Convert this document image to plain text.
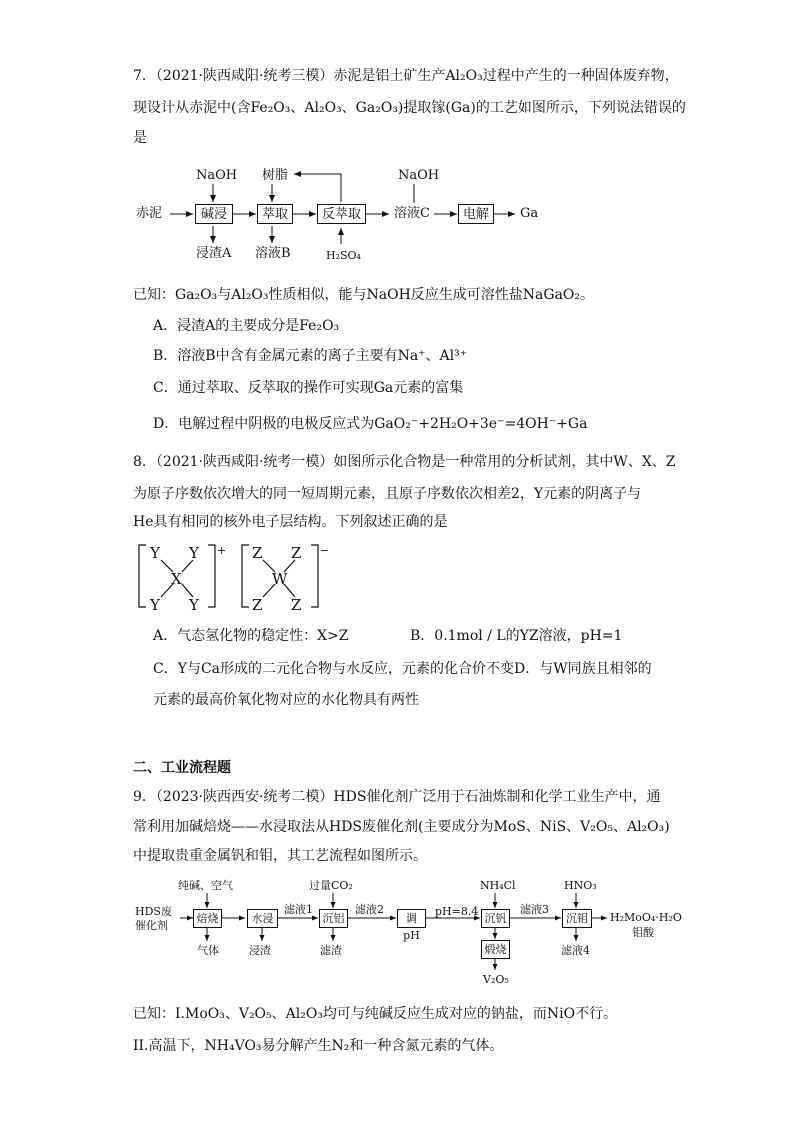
7．（2021·陕西咸阳·统考三模）赤泥是铝土矿生产Al₂O₃过程中产生的一种固体废弃物，
现设计从赤泥中(含Fe₂O₃、Al₂O₃、Ga₂O₃)提取镓(Ga)的工艺如图所示，下列说法错误的
是
赤泥
NaOH
碱浸
浸渣A
树脂
萃取
溶液B
反萃取
H₂SO₄
NaOH
溶液C	电解	Ga
已知：Ga₂O₃与Al₂O₃性质相似，能与NaOH反应生成可溶性盐NaGaO₂。
A．浸渣A的主要成分是Fe₂O₃
B．溶液B中含有金属元素的离子主要有Na⁺、Al³⁺
C．通过萃取、反萃取的操作可实现Ga元素的富集
D．电解过程中阴极的电极反应式为GaO₂⁻+2H₂O+3e⁻=4OH⁻+Ga
8．（2021·陕西咸阳·统考一模）如图所示化合物是一种常用的分析试剂，其中W、X、Z
为原子序数依次增大的同一短周期元素，且原子序数依次相差2，Y元素的阴离子与
He具有相同的核外电子层结构。下列叙述正确的是
Y Y
X
Y Y
+ Z Z
W
Z Z
−
A．气态氢化物的稳定性：X>Z	B．0.1mol / L的YZ溶液，pH=1
C．Y与Ca形成的二元化合物与水反应，元素的化合价不变D．与W同族且相邻的
元素的最高价氧化物对应的水化物具有两性
二、工业流程题
9．（2023·陕西西安·统考二模）HDS催化剂广泛用于石油炼制和化学工业生产中，通
常利用加碱焙烧——水浸取法从HDS废催化剂(主要成分为MoS、NiS、V₂O₅、Al₂O₃)
中提取贵重金属钒和钼，其工艺流程如图所示。
HDS废
催化剂
纯碱、空气
焙烧
气体
水浸
浸渣
滤液1
过量CO₂
沉铝
滤渣
滤液2
调pH
pH=8.4
NH₄Cl
沉钒
煅烧
V₂O₅
滤液3
HNO₃
沉钼
滤液4
H₂MoO₄·H₂O
钼酸
已知：I.MoO₃、V₂O₅、Al₂O₃均可与纯碱反应生成对应的钠盐，而NiO不行。
II.高温下，NH₄VO₃易分解产生N₂和一种含氮元素的气体。
